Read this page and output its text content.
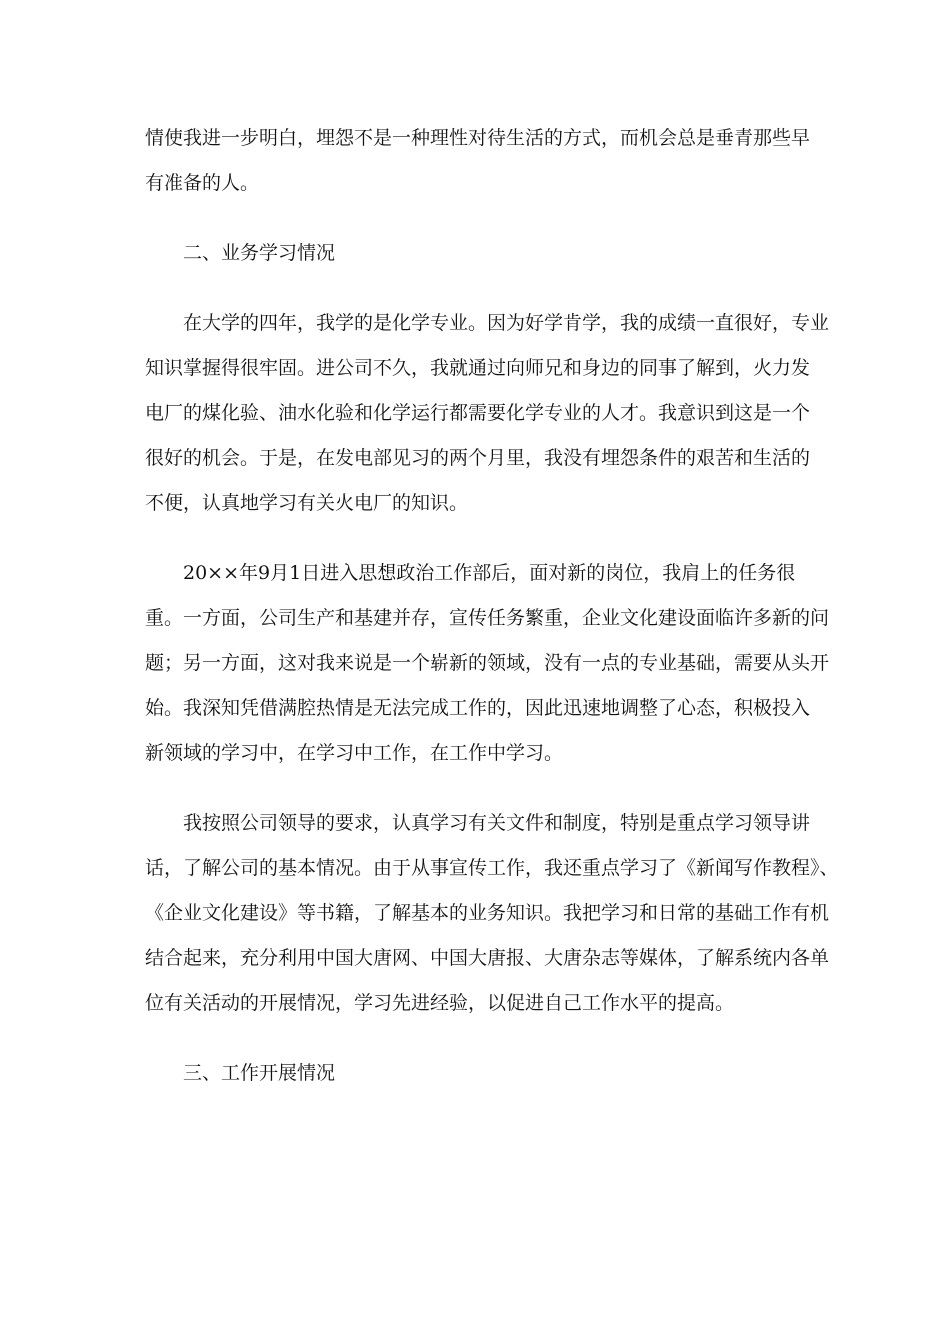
情使我进一步明白，埋怨不是一种理性对待生活的方式，而机会总是垂青那些早
有准备的人。

二、业务学习情况

在大学的四年，我学的是化学专业。因为好学肯学，我的成绩一直很好，专业
知识掌握得很牢固。进公司不久，我就通过向师兄和身边的同事了解到，火力发
电厂的煤化验、油水化验和化学运行都需要化学专业的人才。我意识到这是一个
很好的机会。于是，在发电部见习的两个月里，我没有埋怨条件的艰苦和生活的
不便，认真地学习有关火电厂的知识。

20××年9月1日进入思想政治工作部后，面对新的岗位，我肩上的任务很
重。一方面，公司生产和基建并存，宣传任务繁重，企业文化建设面临许多新的问
题；另一方面，这对我来说是一个崭新的领域，没有一点的专业基础，需要从头开
始。我深知凭借满腔热情是无法完成工作的，因此迅速地调整了心态，积极投入
新领域的学习中，在学习中工作，在工作中学习。

我按照公司领导的要求，认真学习有关文件和制度，特别是重点学习领导讲
话，了解公司的基本情况。由于从事宣传工作，我还重点学习了《新闻写作教程》、
《企业文化建设》等书籍，了解基本的业务知识。我把学习和日常的基础工作有机
结合起来，充分利用中国大唐网、中国大唐报、大唐杂志等媒体，了解系统内各单
位有关活动的开展情况，学习先进经验，以促进自己工作水平的提高。

三、工作开展情况
